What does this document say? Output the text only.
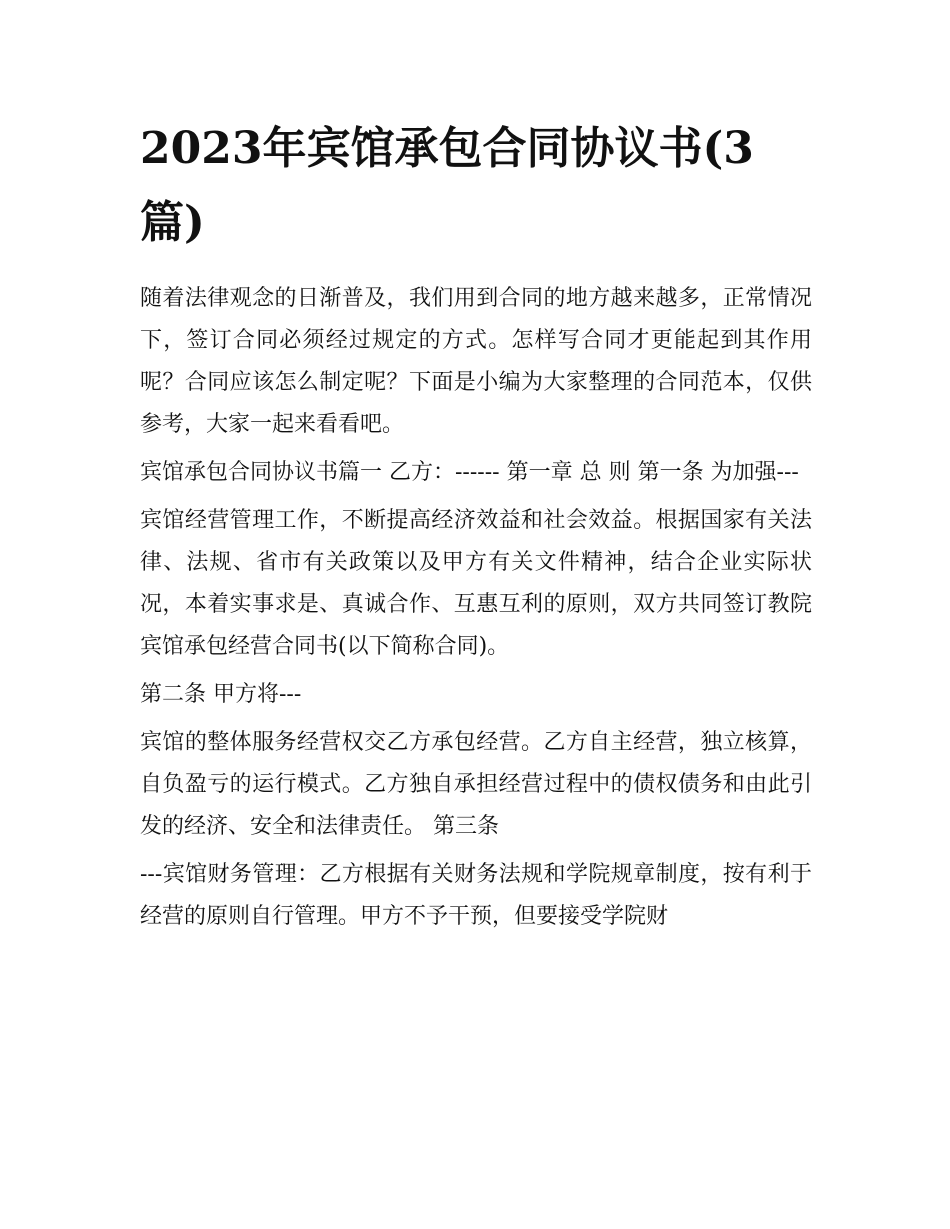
2023年宾馆承包合同协议书(3篇)

随着法律观念的日渐普及，我们用到合同的地方越来越多，正常情况下，签订合同必须经过规定的方式。怎样写合同才更能起到其作用呢？合同应该怎么制定呢？下面是小编为大家整理的合同范本，仅供参考，大家一起来看看吧。

宾馆承包合同协议书篇一 乙方：------ 第一章 总 则 第一条 为加强---

宾馆经营管理工作，不断提高经济效益和社会效益。根据国家有关法律、法规、省市有关政策以及甲方有关文件精神，结合企业实际状况，本着实事求是、真诚合作、互惠互利的原则，双方共同签订教院宾馆承包经营合同书(以下简称合同)。

第二条 甲方将---

宾馆的整体服务经营权交乙方承包经营。乙方自主经营，独立核算，自负盈亏的运行模式。乙方独自承担经营过程中的债权债务和由此引发的经济、安全和法律责任。 第三条

---宾馆财务管理：乙方根据有关财务法规和学院规章制度，按有利于经营的原则自行管理。甲方不予干预，但要接受学院财
